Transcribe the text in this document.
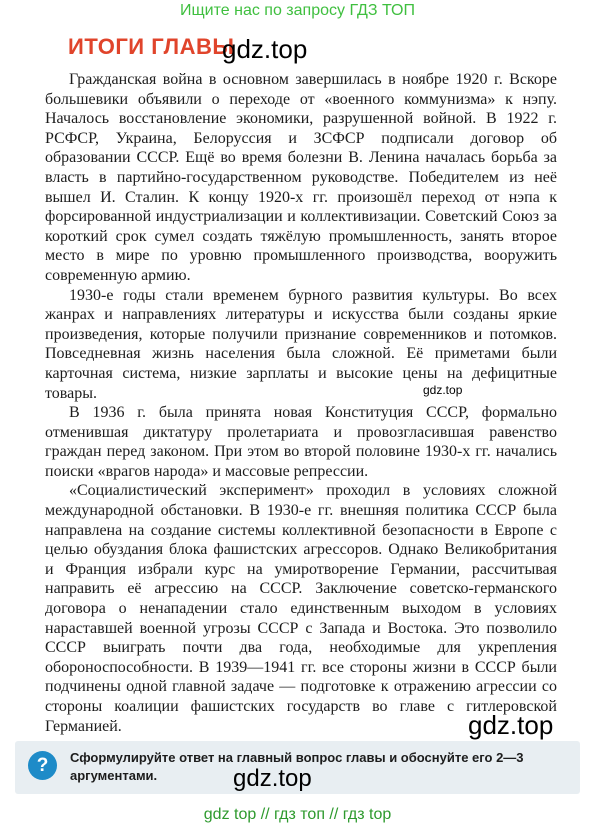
Ищите нас по запросу ГДЗ ТОП
ИТОГИ ГЛАВЫ

Гражданская война в основном завершилась в ноябре 1920 г. Вскоре большевики объявили о переходе от «военного коммунизма» к нэпу. Началось восстановление экономики, разрушенной войной. В 1922 г. РСФСР, Украина, Белоруссия и ЗСФСР подписали договор об образовании СССР. Ещё во время болезни В. Ленина началась борьба за власть в партийно-государственном руководстве. Победителем из неё вышел И. Сталин. К концу 1920-х гг. произошёл переход от нэпа к форсированной индустриализации и коллективизации. Советский Союз за короткий срок сумел создать тяжёлую промышленность, занять второе место в мире по уровню промышленного производства, вооружить современную армию.

1930-е годы стали временем бурного развития культуры. Во всех жанрах и направлениях литературы и искусства были созданы яркие произведения, которые получили признание современников и потомков. Повседневная жизнь населения была сложной. Её приметами были карточная система, низкие зарплаты и высокие цены на дефицитные товары.

В 1936 г. была принята новая Конституция СССР, формально отменившая диктатуру пролетариата и провозгласившая равенство граждан перед законом. При этом во второй половине 1930-х гг. начались поиски «врагов народа» и массовые репрессии.

«Социалистический эксперимент» проходил в условиях сложной международной обстановки. В 1930-е гг. внешняя политика СССР была направлена на создание системы коллективной безопасности в Европе с целью обуздания блока фашистских агрессоров. Однако Великобритания и Франция избрали курс на умиротворение Германии, рассчитывая направить её агрессию на СССР. Заключение советско-германского договора о ненападении стало единственным выходом в условиях нараставшей военной угрозы СССР с Запада и Востока. Это позволило СССР выиграть почти два года, необходимые для укрепления обороноспособности. В 1939—1941 гг. все стороны жизни в СССР были подчинены одной главной задаче — подготовке к отражению агрессии со стороны коалиции фашистских государств во главе с гитлеровской Германией.

?	Сформулируйте ответ на главный вопрос главы и обоснуйте его 2—3 аргументами.
gdz.top
gdz.top
gdz.top
gdz.top
gdz top // гдз топ // гдз top
